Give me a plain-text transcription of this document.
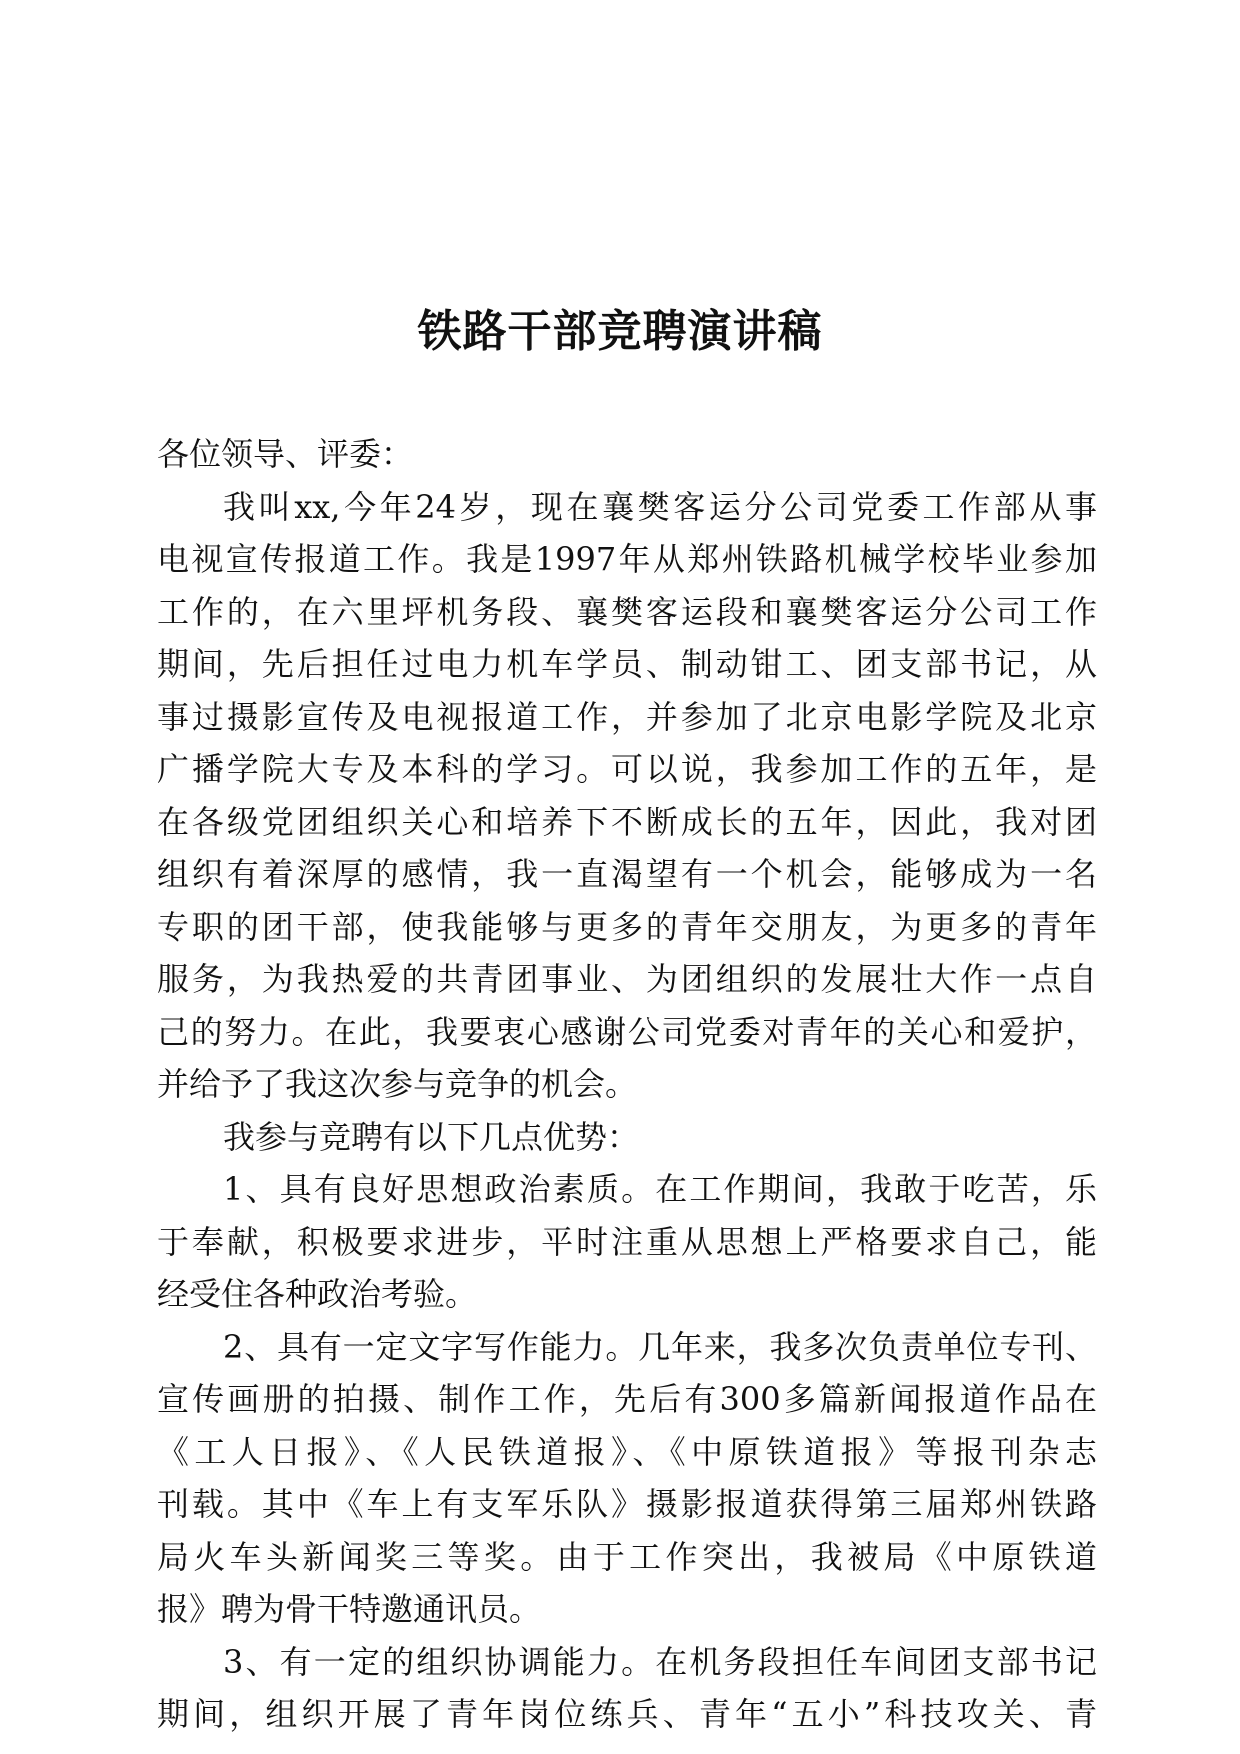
铁路干部竞聘演讲稿
各位领导、评委：
我叫xx,今年24岁，现在襄樊客运分公司党委工作部从事
电视宣传报道工作。我是1997年从郑州铁路机械学校毕业参加
工作的，在六里坪机务段、襄樊客运段和襄樊客运分公司工作
期间，先后担任过电力机车学员、制动钳工、团支部书记，从
事过摄影宣传及电视报道工作，并参加了北京电影学院及北京
广播学院大专及本科的学习。可以说，我参加工作的五年，是
在各级党团组织关心和培养下不断成长的五年，因此，我对团
组织有着深厚的感情，我一直渴望有一个机会，能够成为一名
专职的团干部，使我能够与更多的青年交朋友，为更多的青年
服务，为我热爱的共青团事业、为团组织的发展壮大作一点自
己的努力。在此，我要衷心感谢公司党委对青年的关心和爱护，
并给予了我这次参与竞争的机会。
我参与竞聘有以下几点优势：
1、具有良好思想政治素质。在工作期间，我敢于吃苦，乐
于奉献，积极要求进步，平时注重从思想上严格要求自己，能
经受住各种政治考验。
2、具有一定文字写作能力。几年来，我多次负责单位专刊、
宣传画册的拍摄、制作工作，先后有300多篇新闻报道作品在
《工人日报》、《人民铁道报》、《中原铁道报》等报刊杂志
刊载。其中《车上有支军乐队》摄影报道获得第三届郑州铁路
局火车头新闻奖三等奖。由于工作突出，我被局《中原铁道
报》聘为骨干特邀通讯员。
3、有一定的组织协调能力。在机务段担任车间团支部书记
期间，组织开展了青年岗位练兵、青年“五小”科技攻关、青
